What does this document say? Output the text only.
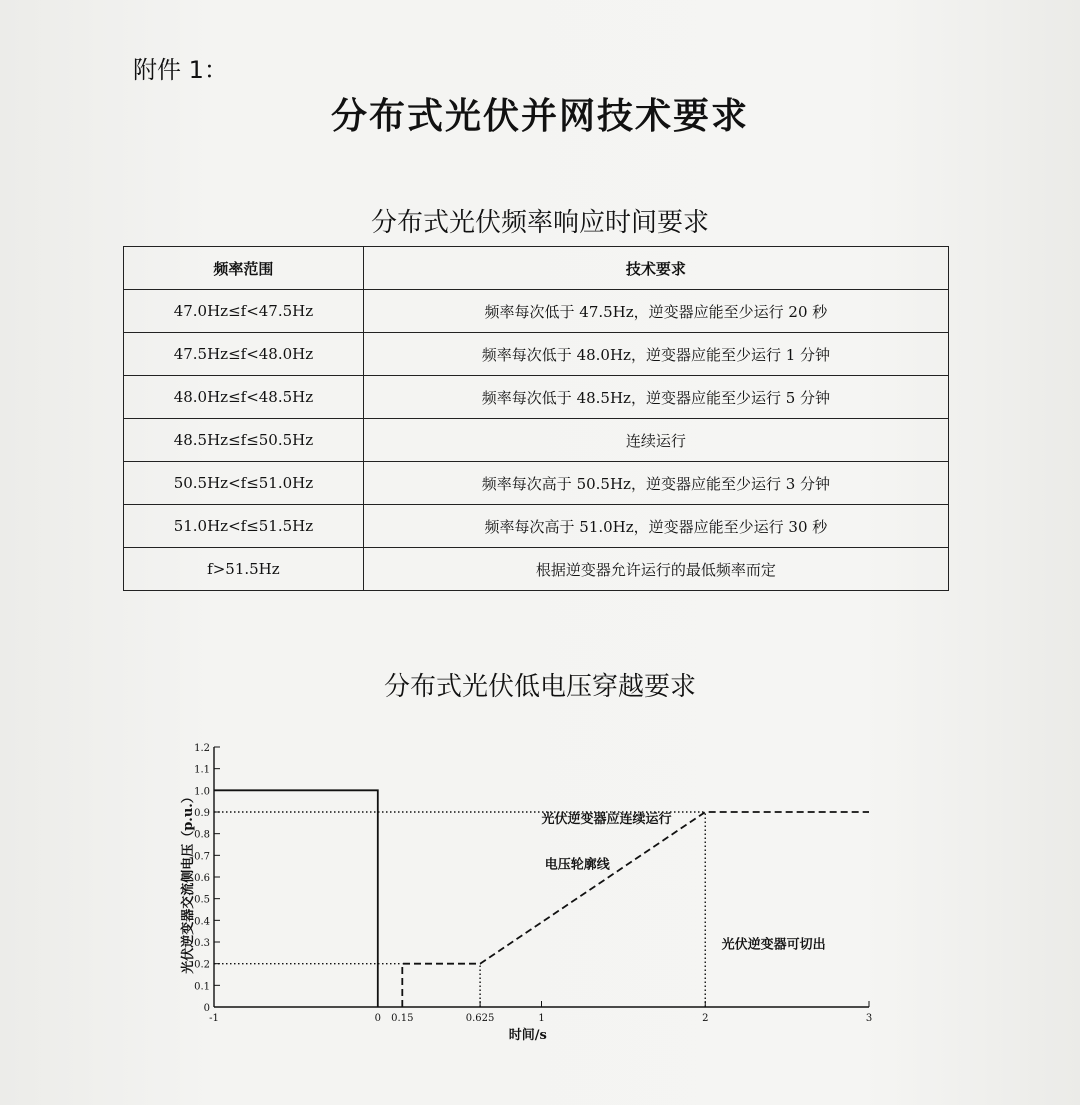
附件 1：
分布式光伏并网技术要求
分布式光伏频率响应时间要求
频率范围	技术要求
47.0Hz≤f<47.5Hz	频率每次低于 47.5Hz，逆变器应能至少运行 20 秒
47.5Hz≤f<48.0Hz	频率每次低于 48.0Hz，逆变器应能至少运行 1 分钟
48.0Hz≤f<48.5Hz	频率每次低于 48.5Hz，逆变器应能至少运行 5 分钟
48.5Hz≤f≤50.5Hz	连续运行
50.5Hz<f≤51.0Hz	频率每次高于 50.5Hz，逆变器应能至少运行 3 分钟
51.0Hz<f≤51.5Hz	频率每次高于 51.0Hz，逆变器应能至少运行 30 秒
f>51.5Hz	根据逆变器允许运行的最低频率而定
分布式光伏低电压穿越要求
0
0.1
0.2
0.3
0.4
0.5
0.6
0.7
0.8
0.9
1.0
1.1
1.2
-1	0 0.15	0.625	1	2	3
光伏逆变器应连续运行
电压轮廓线
光伏逆变器可切出
时间/s
光伏逆变器交流侧电压（p.u.）
